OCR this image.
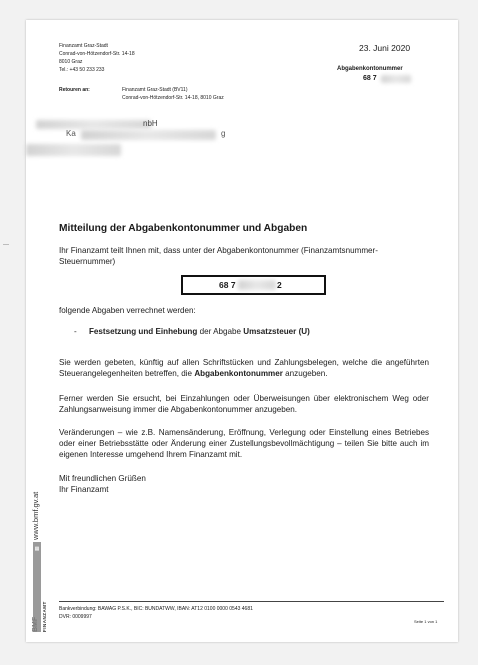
Finanzamt Graz-Stadt
Conrad-von-Hötzendorf-Str. 14-18
8010 Graz
Tel.: +43 50 233 233
23. Juni 2020
Abgabenkontonummer
68 7
Retouren an:	Finanzamt Graz-Stadt (BV11)
Conrad-von-Hötzendorf-Str. 14-18, 8010 Graz
nbH
Ka	g
Mitteilung der Abgabenkontonummer und Abgaben

Ihr Finanzamt teilt Ihnen mit, dass unter der Abgabenkontonummer (Finanzamtsnummer-Steuernummer)

68 7	2
folgende Abgaben verrechnet werden:
- Festsetzung und Einhebung der Abgabe Umsatzsteuer (U)

Sie werden gebeten, künftig auf allen Schriftstücken und Zahlungsbelegen, welche die angeführten Steuerangelegenheiten betreffen, die Abgabenkontonummer anzugeben.

Ferner werden Sie ersucht, bei Einzahlungen oder Überweisungen über elektronischem Weg oder Zahlungsanweisung immer die Abgabenkontonummer anzugeben.

Veränderungen – wie z.B. Namensänderung, Eröffnung, Verlegung oder Einstellung eines Betriebes oder einer Betriebsstätte oder Änderung einer Zustellungsbevollmächtigung – teilen Sie bitte auch im eigenen Interesse umgehend Ihrem Finanzamt mit.

Mit freundlichen Grüßen
Ihr Finanzamt
www.bmf.gv.at
▦
BMF FINANZAMT Bankverbindung: BAWAG P.S.K., BIC: BUNDATWW, IBAN: AT12 0100 0000 0543 4681
DVR: 0009997
Seite 1 von 1
---
